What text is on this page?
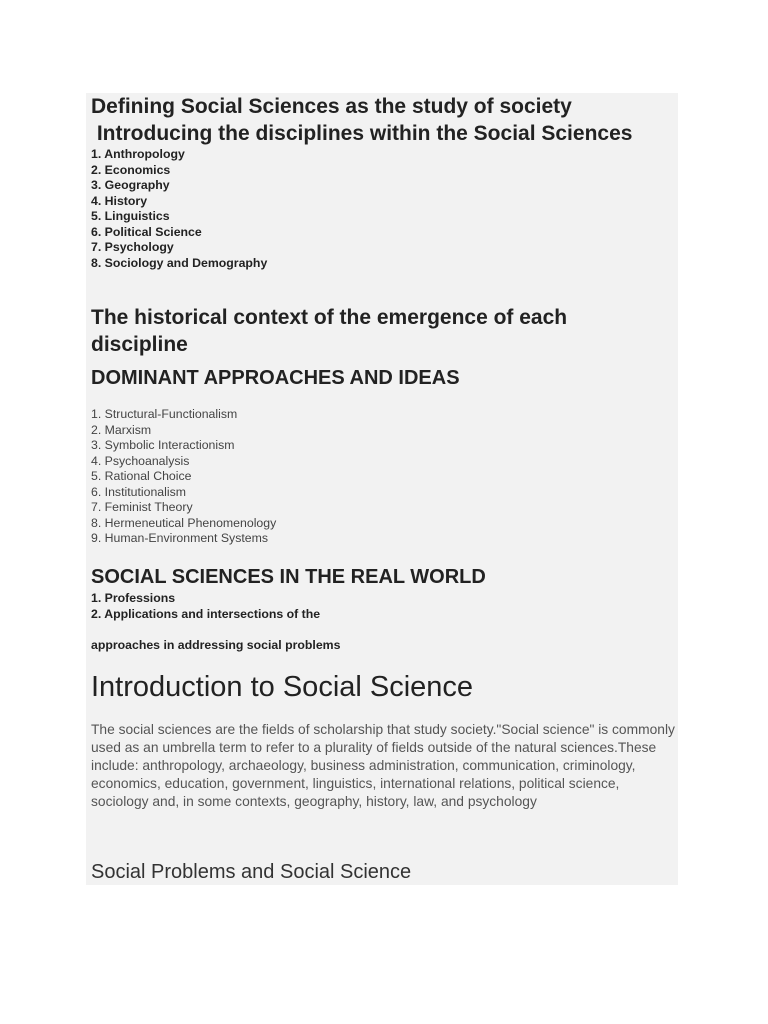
Defining Social Sciences as the study of society
Introducing the disciplines within the Social Sciences
1. Anthropology
2. Economics
3. Geography
4. History
5. Linguistics
6. Political Science
7. Psychology
8. Sociology and Demography
The historical context of the emergence of each
discipline
DOMINANT APPROACHES AND IDEAS
1. Structural-Functionalism
2. Marxism
3. Symbolic Interactionism
4. Psychoanalysis
5. Rational Choice
6. Institutionalism
7. Feminist Theory
8. Hermeneutical Phenomenology
9. Human-Environment Systems
SOCIAL SCIENCES IN THE REAL WORLD
1. Professions
2. Applications and intersections of the
approaches in addressing social problems
Introduction to Social Science
The social sciences are the fields of scholarship that study society."Social science" is commonly used as an umbrella term to refer to a plurality of fields outside of the natural sciences.These include: anthropology, archaeology, business administration, communication, criminology, economics, education, government, linguistics, international relations, political science, sociology and, in some contexts, geography, history, law, and psychology
Social Problems and Social Science
